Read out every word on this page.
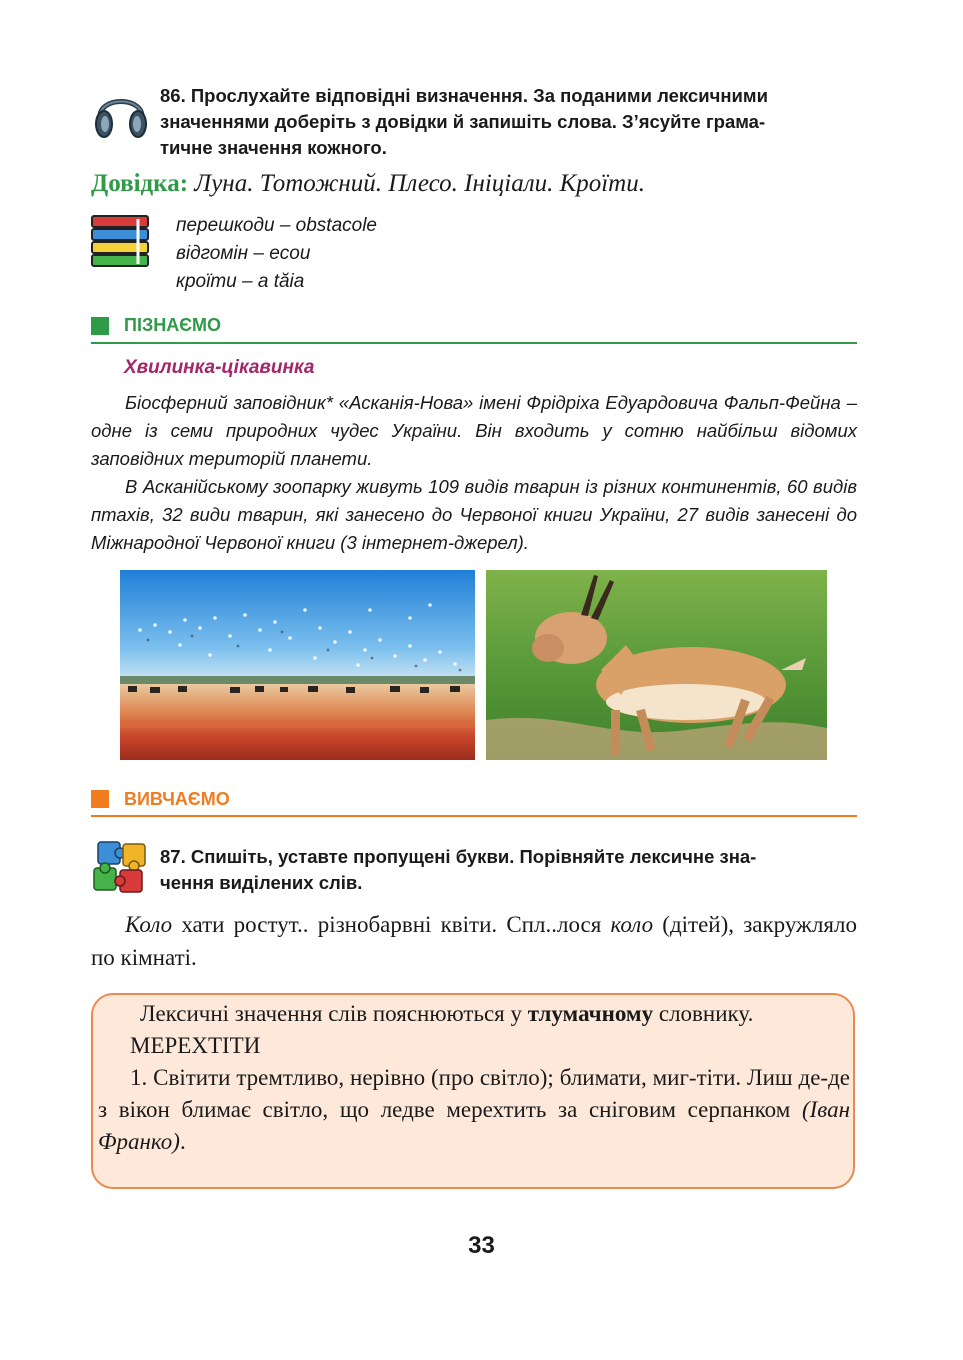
86. Прослухайте відповідні визначення. За поданими лексичними
значеннями доберіть з довідки й запишіть слова. З’ясуйте грама-
тичне значення кожного.
Довідка: Луна. Тотожний. Плесо. Ініціали. Кроїти.
перешкоди – obstacole
відгомін – ecou
кроїти – a tăia
ПІЗНАЄМО
Хвилинка-цікавинка

Біосферний заповідник* «Асканія-Нова» імені Фрідріха Едуардовича Фальп-Фейна – одне із семи природних чудес України. Він входить у сотню найбільш відомих заповідних територій планети.

В Асканійському зоопарку живуть 109 видів тварин із різних континентів, 60 видів птахів, 32 види тварин, які занесено до Червоної книги України, 27 видів занесені до Міжнародної Червоної книги (3 інтернет-джерел).

ВИВЧАЄМО
87. Спишіть, уставте пропущені букви. Порівняйте лексичне зна-
чення виділених слів.

Коло хати ростут.. різнобарвні квіти. Спл..лося коло (дітей), закружляло по кімнаті.

Лексичні значення слів пояснюються у тлумачному словнику.

МЕРЕХТІТИ

1. Світити тремтливо, нерівно (про світло); блимати, миг-тіти. Лиш де-де з вікон блимає світло, що ледве мерехтить за сніговим серпанком (Іван Франко).

33
